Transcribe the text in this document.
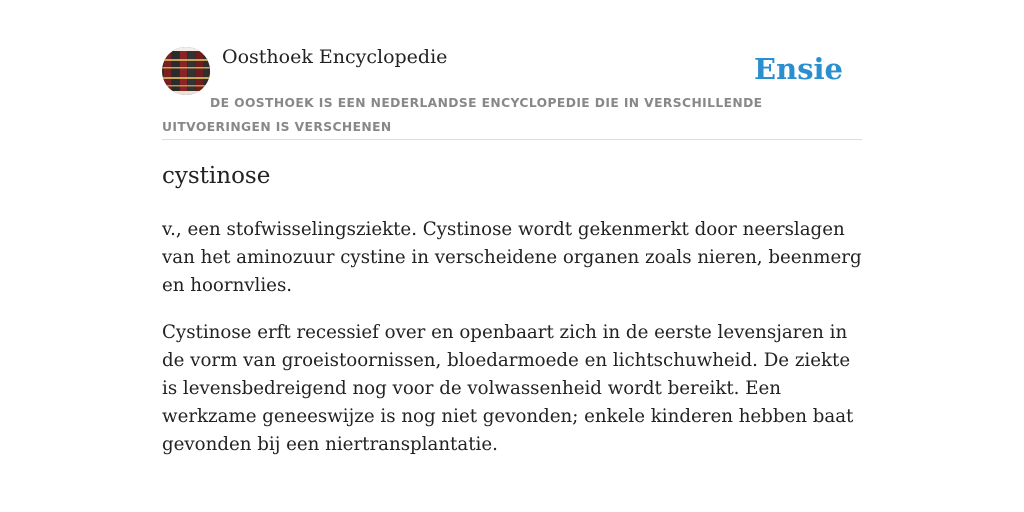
Oosthoek Encyclopedie	Ensie
DE OOSTHOEK IS EEN NEDERLANDSE ENCYCLOPEDIE DIE IN VERSCHILLENDE UITVOERINGEN IS VERSCHENEN
cystinose

v., een stofwisselingsziekte. Cystinose wordt gekenmerkt door neerslagen van het aminozuur cystine in verscheidene organen zoals nieren, beenmerg en hoornvlies.

Cystinose erft recessief over en openbaart zich in de eerste levensjaren in de vorm van groeistoornissen, bloedarmoede en lichtschuwheid. De ziekte is levensbedreigend nog voor de volwassenheid wordt bereikt. Een werkzame geneeswijze is nog niet gevonden; enkele kinderen hebben baat gevonden bij een niertransplantatie.
